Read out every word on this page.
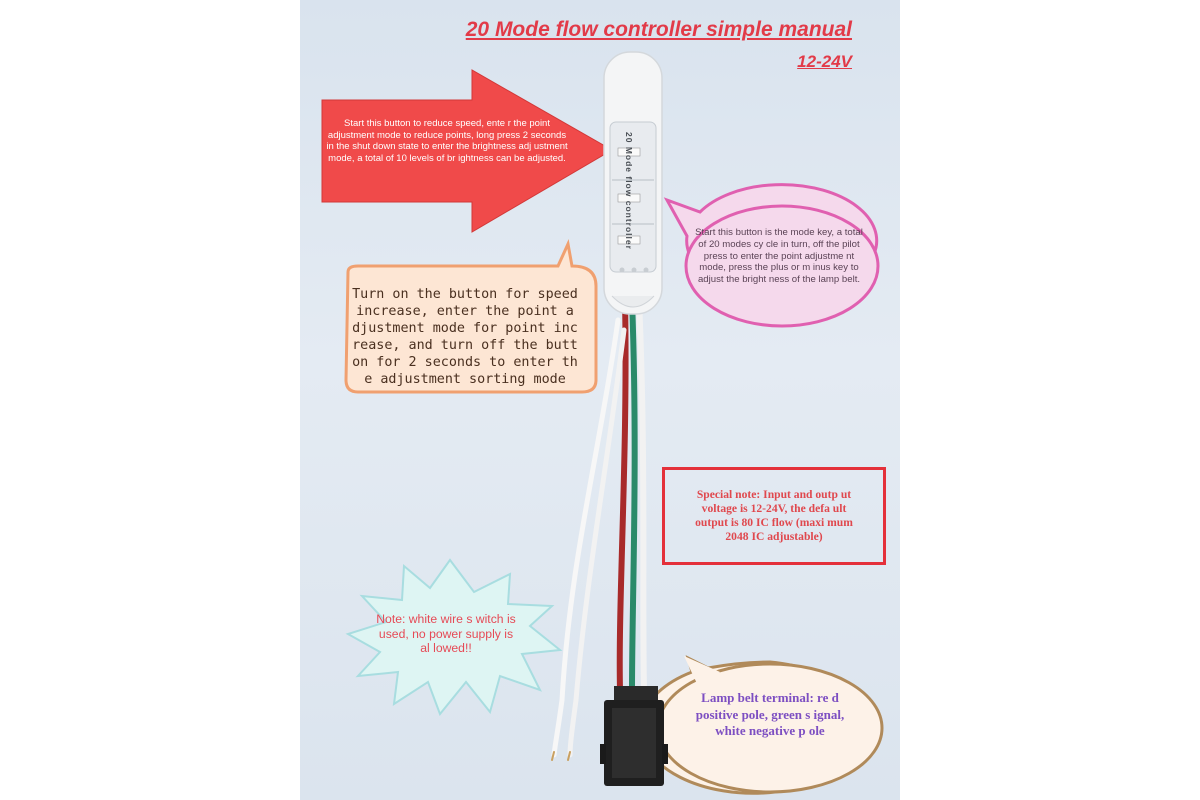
20 Mode flow controller
20 Mode flow controller simple manual
12-24V
Start this button to reduce speed, ente r the point adjustment mode to reduce points, long press 2 seconds in the shut down state to enter the brightness adj ustment mode, a total of 10 levels of br ightness can be adjusted.
Turn on the button for speed increase, enter the point a djustment mode for point inc rease, and turn off the butt on for 2 seconds to enter th e adjustment sorting mode
Start this button is the mode key, a total of 20 modes cy cle in turn, off the pilot press to enter the point adjustme nt mode, press the plus or m inus key to adjust the bright ness of the lamp belt.
Special note: Input and outp ut voltage is 12-24V, the defa ult output is 80 IC flow (maxi mum 2048 IC adjustable)
Note: white wire s witch is used, no power supply is al lowed!!
Lamp belt terminal: re d positive pole, green s ignal, white negative p ole
